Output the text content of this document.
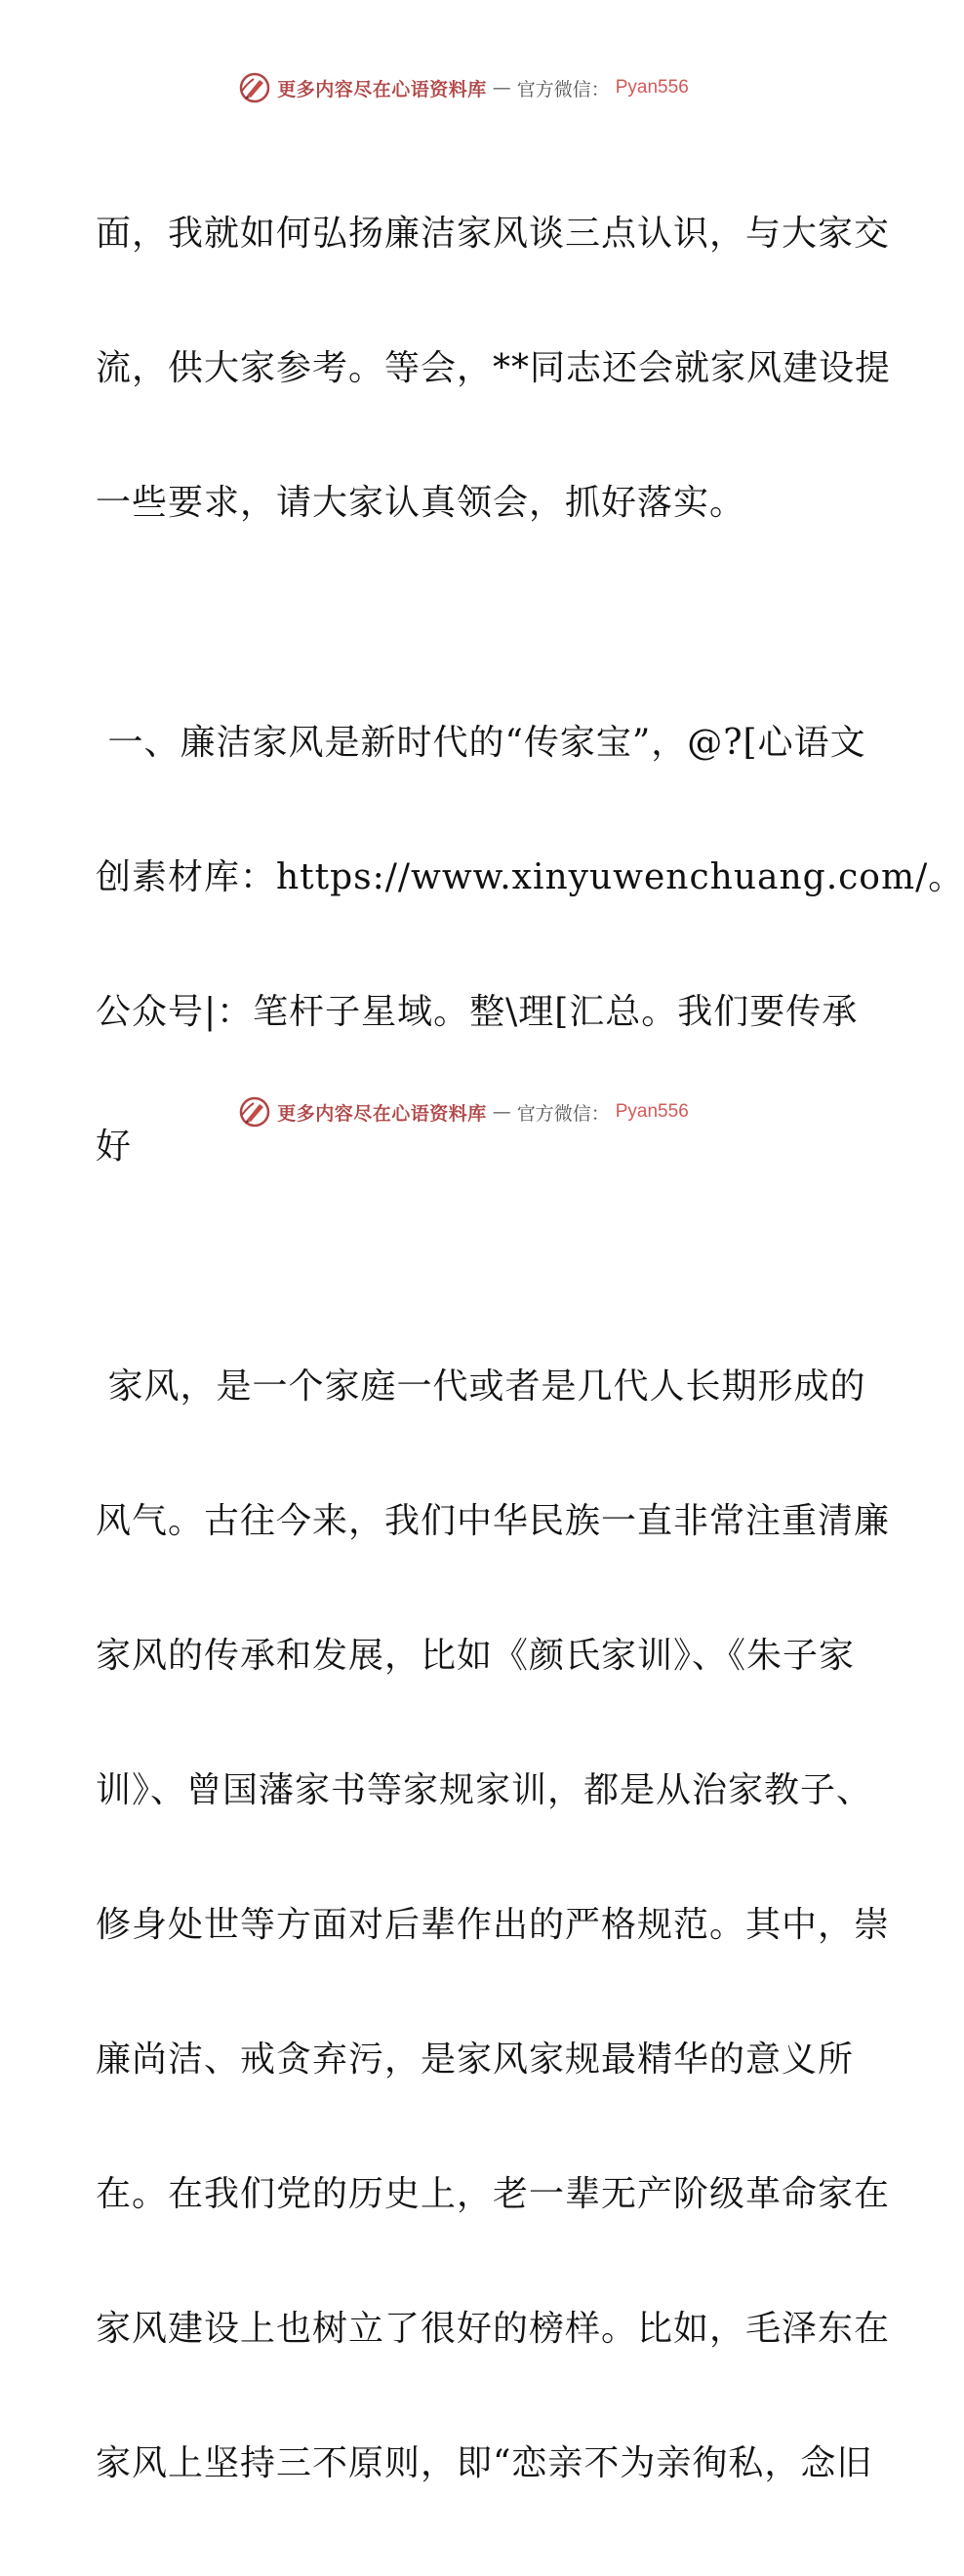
更多内容尽在心语资料库 — 官方微信： Pyan556

面，我就如何弘扬廉洁家风谈三点认识，与大家交

流，供大家参考。等会，**同志还会就家风建设提

一些要求，请大家认真领会，抓好落实。

一、廉洁家风是新时代的“传家宝”，@?[心语文

创素材库：https://www.xinyuwenchuang.com/。

公众号|：笔杆子星域。整\理[汇总。我们要传承

好

家风，是一个家庭一代或者是几代人长期形成的

风气。古往今来，我们中华民族一直非常注重清廉

家风的传承和发展，比如《颜氏家训》、《朱子家

训》、曾国藩家书等家规家训，都是从治家教子、

修身处世等方面对后辈作出的严格规范。其中，崇

廉尚洁、戒贪弃污，是家风家规最精华的意义所

在。在我们党的历史上，老一辈无产阶级革命家在

家风建设上也树立了很好的榜样。比如，毛泽东在

家风上坚持三不原则，即“恋亲不为亲徇私，念旧

更多内容尽在心语资料库 — 官方微信： Pyan556
